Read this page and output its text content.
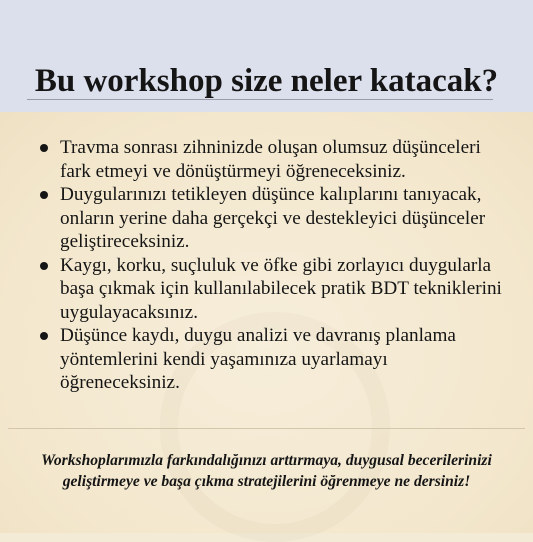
Bu workshop size neler katacak?
Travma sonrası zihninizde oluşan olumsuz düşünceleri fark etmeyi ve dönüştürmeyi öğreneceksiniz.
Duygularınızı tetikleyen düşünce kalıplarını tanıyacak, onların yerine daha gerçekçi ve destekleyici düşünceler geliştireceksiniz.
Kaygı, korku, suçluluk ve öfke gibi zorlayıcı duygularla başa çıkmak için kullanılabilecek pratik BDT tekniklerini uygulayacaksınız.
Düşünce kaydı, duygu analizi ve davranış planlama yöntemlerini kendi yaşamınıza uyarlamayı öğreneceksiniz.

Workshoplarımızla farkındalığınızı arttırmaya, duygusal becerilerinizi geliştirmeye ve başa çıkma stratejilerini öğrenmeye ne dersiniz!
